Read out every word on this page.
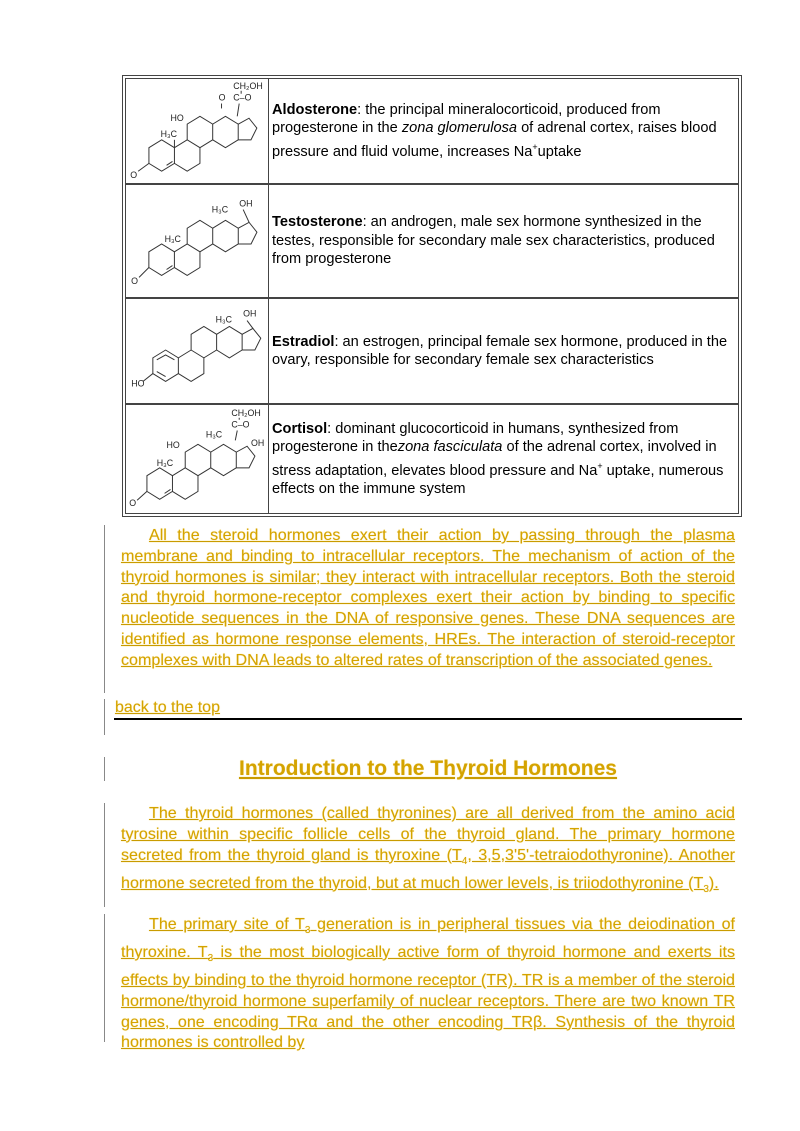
CH₂OH
O C–O
HO
H₃C
O
Aldosterone: the principal mineralocorticoid, produced from progesterone in the zona glomerulosa of adrenal cortex, raises blood pressure and fluid volume, increases Na+uptake
H₃C
OH
H₃C
O
Testosterone: an androgen, male sex hormone synthesized in the testes, responsible for secondary male sex characteristics, produced from progesterone
H₃C
OH
HO
Estradiol: an estrogen, principal female sex hormone, produced in the ovary, responsible for secondary female sex characteristics
CH₂OH
C–O
HO
H₃C
OH
H₃C
O
Cortisol: dominant glucocorticoid in humans, synthesized from progesterone in thezona fasciculata of the adrenal cortex, involved in stress adaptation, elevates blood pressure and Na+ uptake, numerous effects on the immune system

All the steroid hormones exert their action by passing through the plasma membrane and binding to intracellular receptors. The mechanism of action of the thyroid hormones is similar; they interact with intracellular receptors. Both the steroid and thyroid hormone-receptor complexes exert their action by binding to specific nucleotide sequences in the DNA of responsive genes. These DNA sequences are identified as hormone response elements, HREs. The interaction of steroid-receptor complexes with DNA leads to altered rates of transcription of the associated genes.

back to the top
Introduction to the Thyroid Hormones

The thyroid hormones (called thyronines) are all derived from the amino acid tyrosine within specific follicle cells of the thyroid gland. The primary hormone secreted from the thyroid gland is thyroxine ($T_4$, 3,5,3'5'-tetraiodothyronine). Another hormone secreted from the thyroid, but at much lower levels, is triiodothyronine $(T_3)$.

The primary site of $T_3$ generation is in peripheral tissues via the deiodination of thyroxine. $T_3$ is the most biologically active form of thyroid hormone and exerts its effects by binding to the thyroid hormone receptor (TR). TR is a member of the steroid hormone/thyroid hormone superfamily of nuclear receptors. There are two known TR genes, one encoding TRα and the other encoding TRβ. Synthesis of the thyroid hormones is controlled by
